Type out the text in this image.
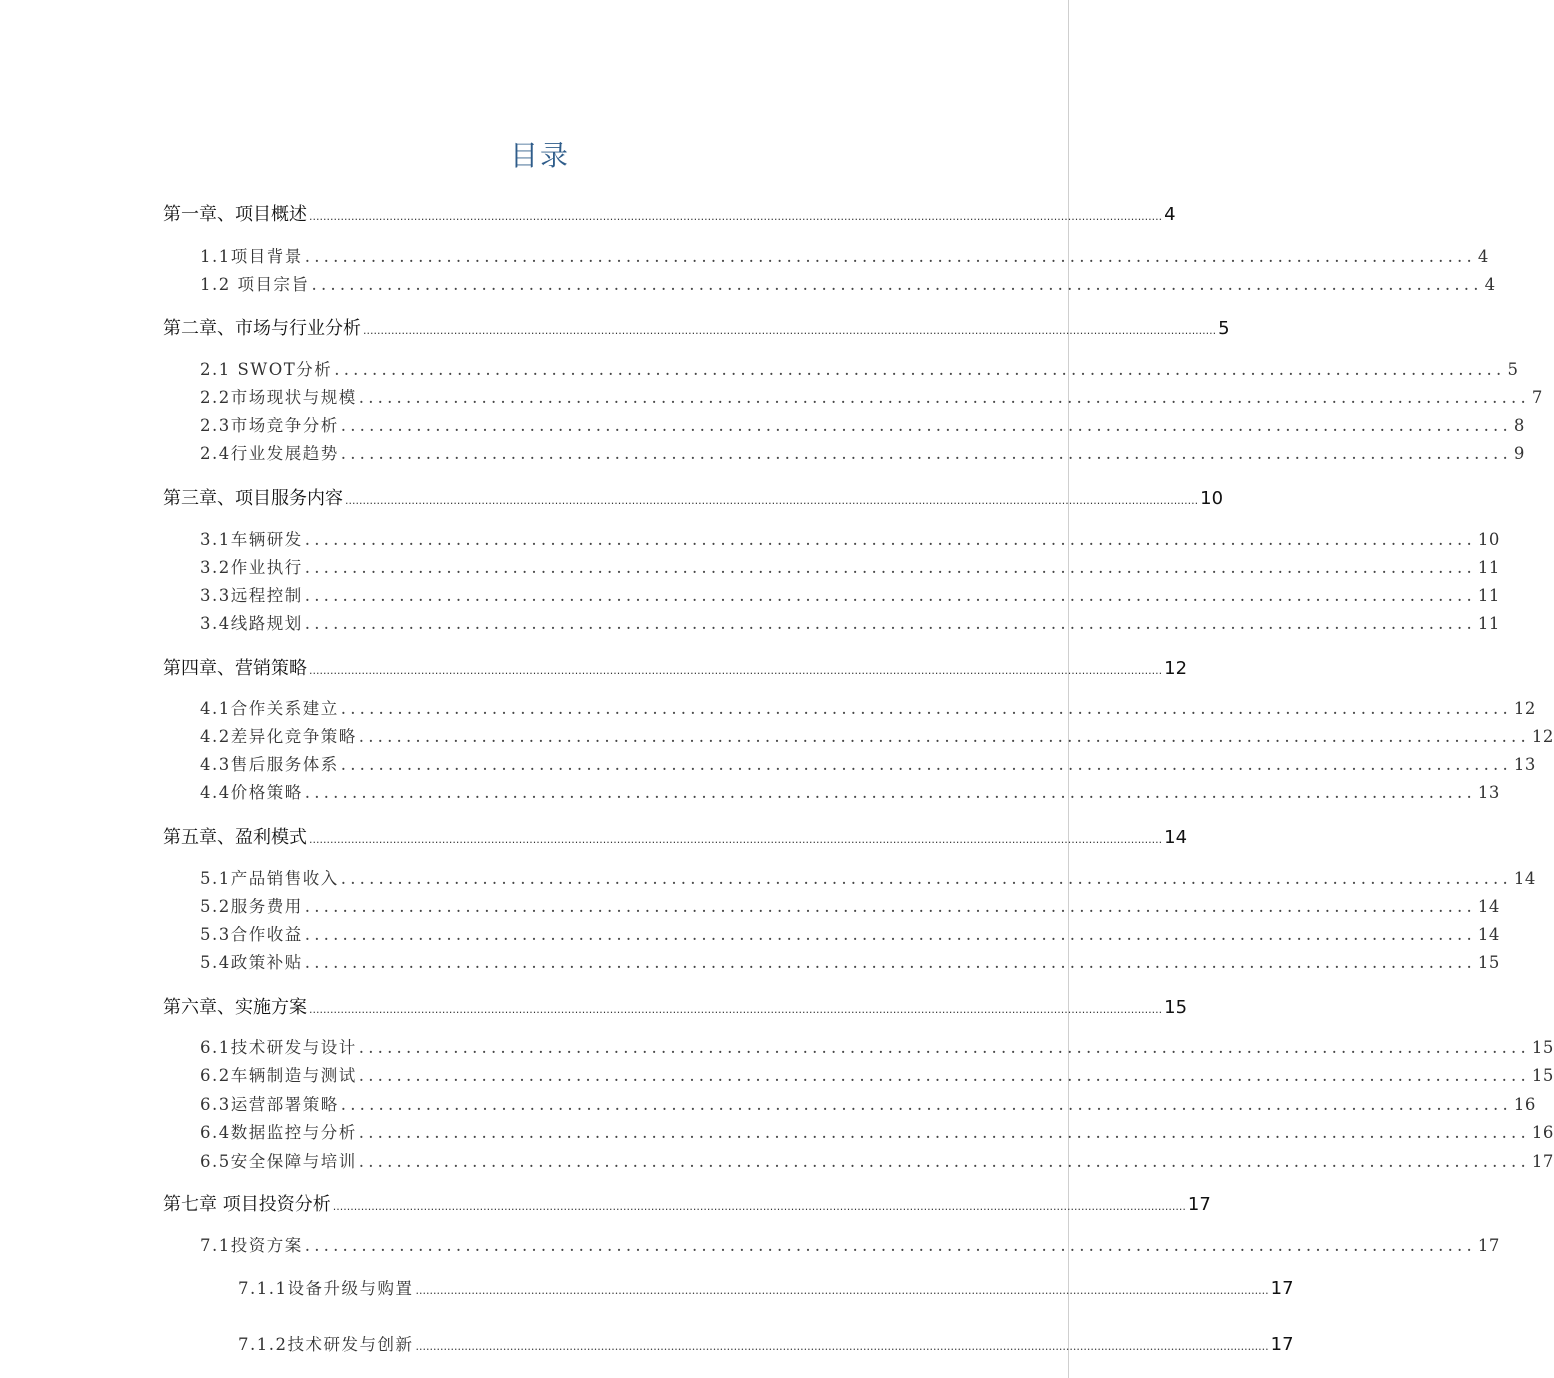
目录
第一章、项目概述 .................................................................................................................................................................................................................................................... 4
1.1项目背景 ............................................................................................................................ 4
1.2 项目宗旨 ............................................................................................................................ 4
第二章、市场与行业分析 .................................................................................................................................................................................................................................................... 5
2.1 SWOT分析 ............................................................................................................................ 5
2.2市场现状与规模 ............................................................................................................................ 7
2.3市场竞争分析 ............................................................................................................................ 8
2.4行业发展趋势 ............................................................................................................................ 9
第三章、项目服务内容 .................................................................................................................................................................................................................................................... 10
3.1车辆研发 ............................................................................................................................ 10
3.2作业执行 ............................................................................................................................ 11
3.3远程控制 ............................................................................................................................ 11
3.4线路规划 ............................................................................................................................ 11
第四章、营销策略 .................................................................................................................................................................................................................................................... 12
4.1合作关系建立 ............................................................................................................................ 12
4.2差异化竞争策略 ............................................................................................................................ 12
4.3售后服务体系 ............................................................................................................................ 13
4.4价格策略 ............................................................................................................................ 13
第五章、盈利模式 .................................................................................................................................................................................................................................................... 14
5.1产品销售收入 ............................................................................................................................ 14
5.2服务费用 ............................................................................................................................ 14
5.3合作收益 ............................................................................................................................ 14
5.4政策补贴 ............................................................................................................................ 15
第六章、实施方案 .................................................................................................................................................................................................................................................... 15
6.1技术研发与设计 ............................................................................................................................ 15
6.2车辆制造与测试 ............................................................................................................................ 15
6.3运营部署策略 ............................................................................................................................ 16
6.4数据监控与分析 ............................................................................................................................ 16
6.5安全保障与培训 ............................................................................................................................ 17
第七章 项目投资分析 .................................................................................................................................................................................................................................................... 17
7.1投资方案 ............................................................................................................................ 17
7.1.1设备升级与购置 .................................................................................................................................................................................................................................................... 17
7.1.2技术研发与创新 .................................................................................................................................................................................................................................................... 17
